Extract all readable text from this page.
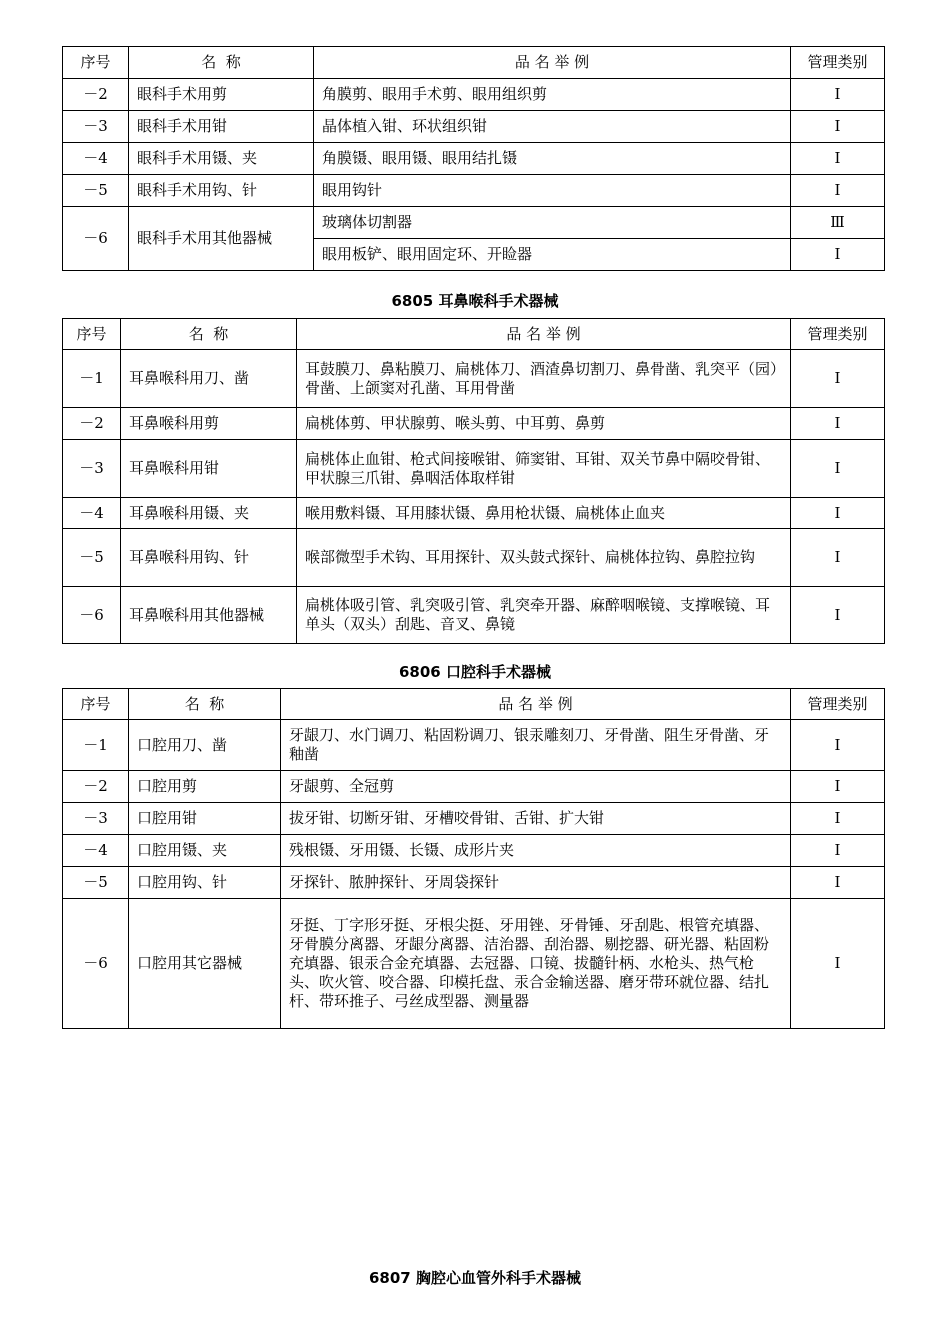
序号	名  称	品 名 举 例	管理类别
－2	眼科手术用剪	角膜剪、眼用手术剪、眼用组织剪	Ⅰ
－3	眼科手术用钳	晶体植入钳、环状组织钳	Ⅰ
－4	眼科手术用镊、夹	角膜镊、眼用镊、眼用结扎镊	Ⅰ
－5	眼科手术用钩、针	眼用钩针	Ⅰ
－6	眼科手术用其他器械	玻璃体切割器	Ⅲ
		眼用板铲、眼用固定环、开睑器	Ⅰ
6805 耳鼻喉科手术器械
序号	名  称	品 名 举 例	管理类别
－1	耳鼻喉科用刀、凿	耳鼓膜刀、鼻粘膜刀、扁桃体刀、酒渣鼻切割刀、鼻骨凿、乳突平（园）骨凿、上颌窦对孔凿、耳用骨凿	Ⅰ
－2	耳鼻喉科用剪	扁桃体剪、甲状腺剪、喉头剪、中耳剪、鼻剪	Ⅰ
－3	耳鼻喉科用钳	扁桃体止血钳、枪式间接喉钳、筛窦钳、耳钳、双关节鼻中隔咬骨钳、甲状腺三爪钳、鼻咽活体取样钳	Ⅰ
－4	耳鼻喉科用镊、夹	喉用敷料镊、耳用膝状镊、鼻用枪状镊、扁桃体止血夹	Ⅰ
－5	耳鼻喉科用钩、针	喉部微型手术钩、耳用探针、双头鼓式探针、扁桃体拉钩、鼻腔拉钩	Ⅰ
－6	耳鼻喉科用其他器械	扁桃体吸引管、乳突吸引管、乳突牵开器、麻醉咽喉镜、支撑喉镜、耳单头（双头）刮匙、音叉、鼻镜	Ⅰ
6806 口腔科手术器械
序号	名  称	品 名 举 例	管理类别
－1	口腔用刀、凿	牙龈刀、水门调刀、粘固粉调刀、银汞雕刻刀、牙骨凿、阻生牙骨凿、牙釉凿	Ⅰ
－2	口腔用剪	牙龈剪、全冠剪	Ⅰ
－3	口腔用钳	拔牙钳、切断牙钳、牙槽咬骨钳、舌钳、扩大钳	Ⅰ
－4	口腔用镊、夹	残根镊、牙用镊、长镊、成形片夹	Ⅰ
－5	口腔用钩、针	牙探针、脓肿探针、牙周袋探针	Ⅰ
－6	口腔用其它器械	牙挺、丁字形牙挺、牙根尖挺、牙用锉、牙骨锤、牙刮匙、根管充填器、牙骨膜分离器、牙龈分离器、洁治器、刮治器、剔挖器、研光器、粘固粉充填器、银汞合金充填器、去冠器、口镜、拔髓针柄、水枪头、热气枪头、吹火管、咬合器、印模托盘、汞合金输送器、磨牙带环就位器、结扎杆、带环推子、弓丝成型器、测量器	Ⅰ
6807 胸腔心血管外科手术器械
